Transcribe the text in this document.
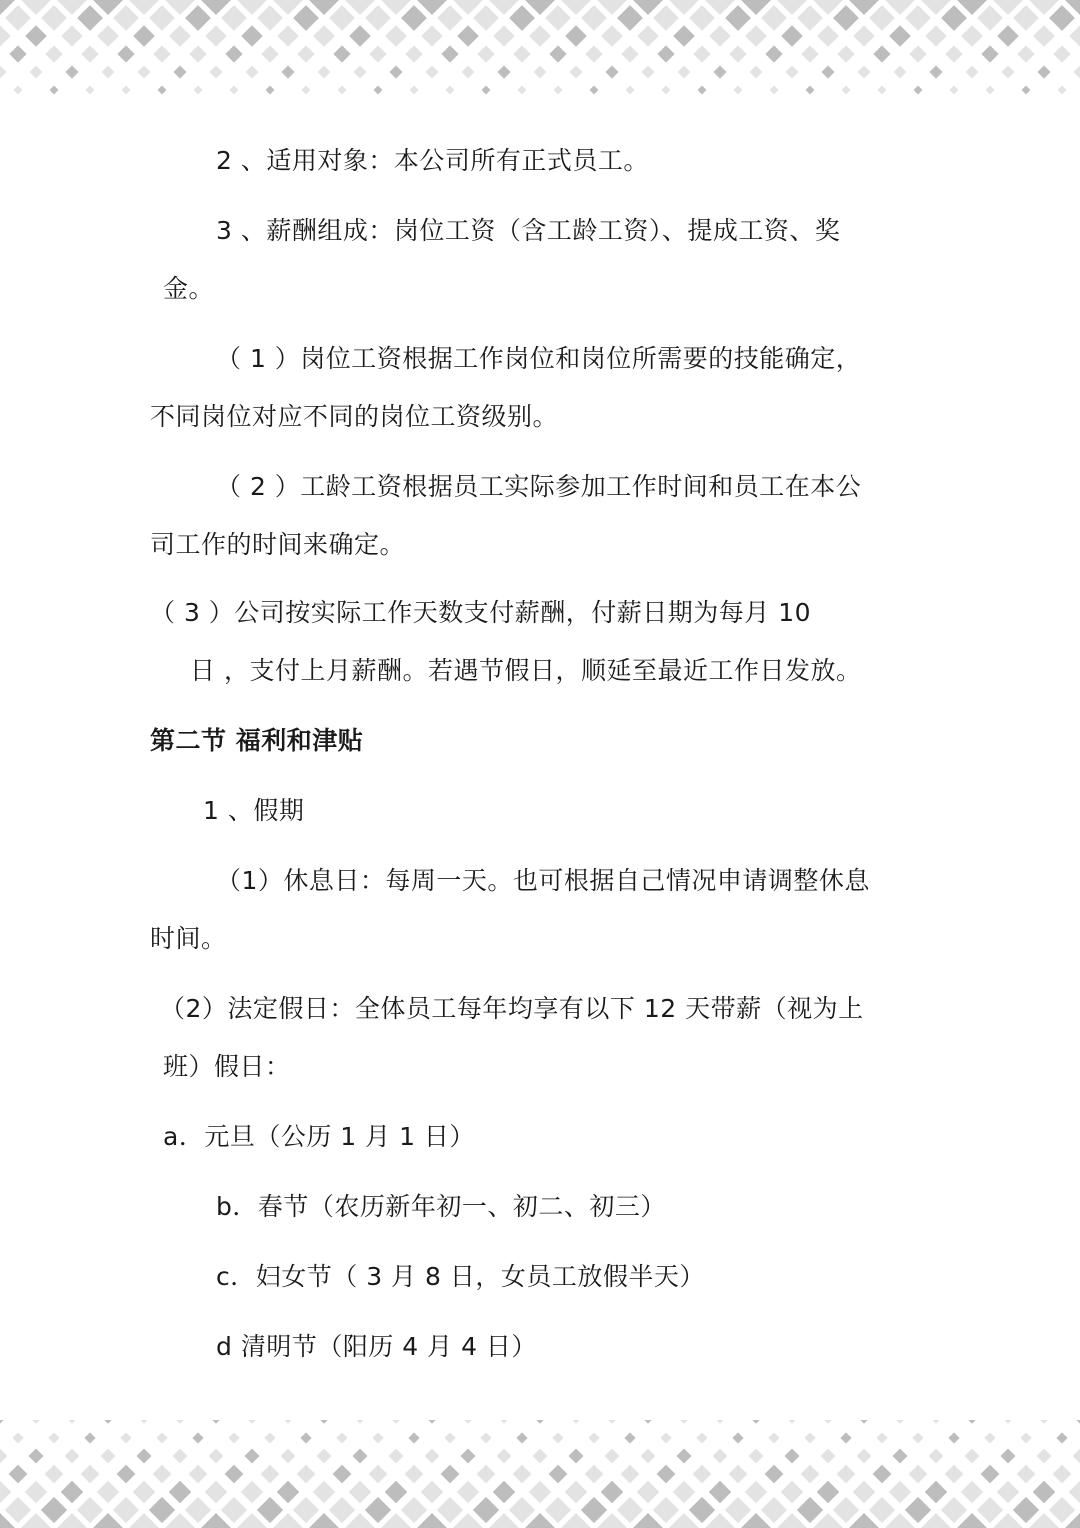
2 、适用对象：本公司所有正式员工。

3 、薪酬组成：岗位工资（含工龄工资）、提成工资、奖

金。

（ 1 ）岗位工资根据工作岗位和岗位所需要的技能确定，

不同岗位对应不同的岗位工资级别。

（ 2 ）工龄工资根据员工实际参加工作时间和员工在本公

司工作的时间来确定。

（ 3 ）公司按实际工作天数支付薪酬，付薪日期为每月 10

日 ，支付上月薪酬。若遇节假日，顺延至最近工作日发放。

第二节 福利和津贴

1 、假期

（1）休息日：每周一天。也可根据自己情况申请调整休息

时间。

（2）法定假日：全体员工每年均享有以下 12 天带薪（视为上

班）假日：

a．元旦（公历 1 月 1 日）

b．春节（农历新年初一、初二、初三）

c．妇女节（ 3 月 8 日，女员工放假半天）

d 清明节（阳历 4 月 4 日）
